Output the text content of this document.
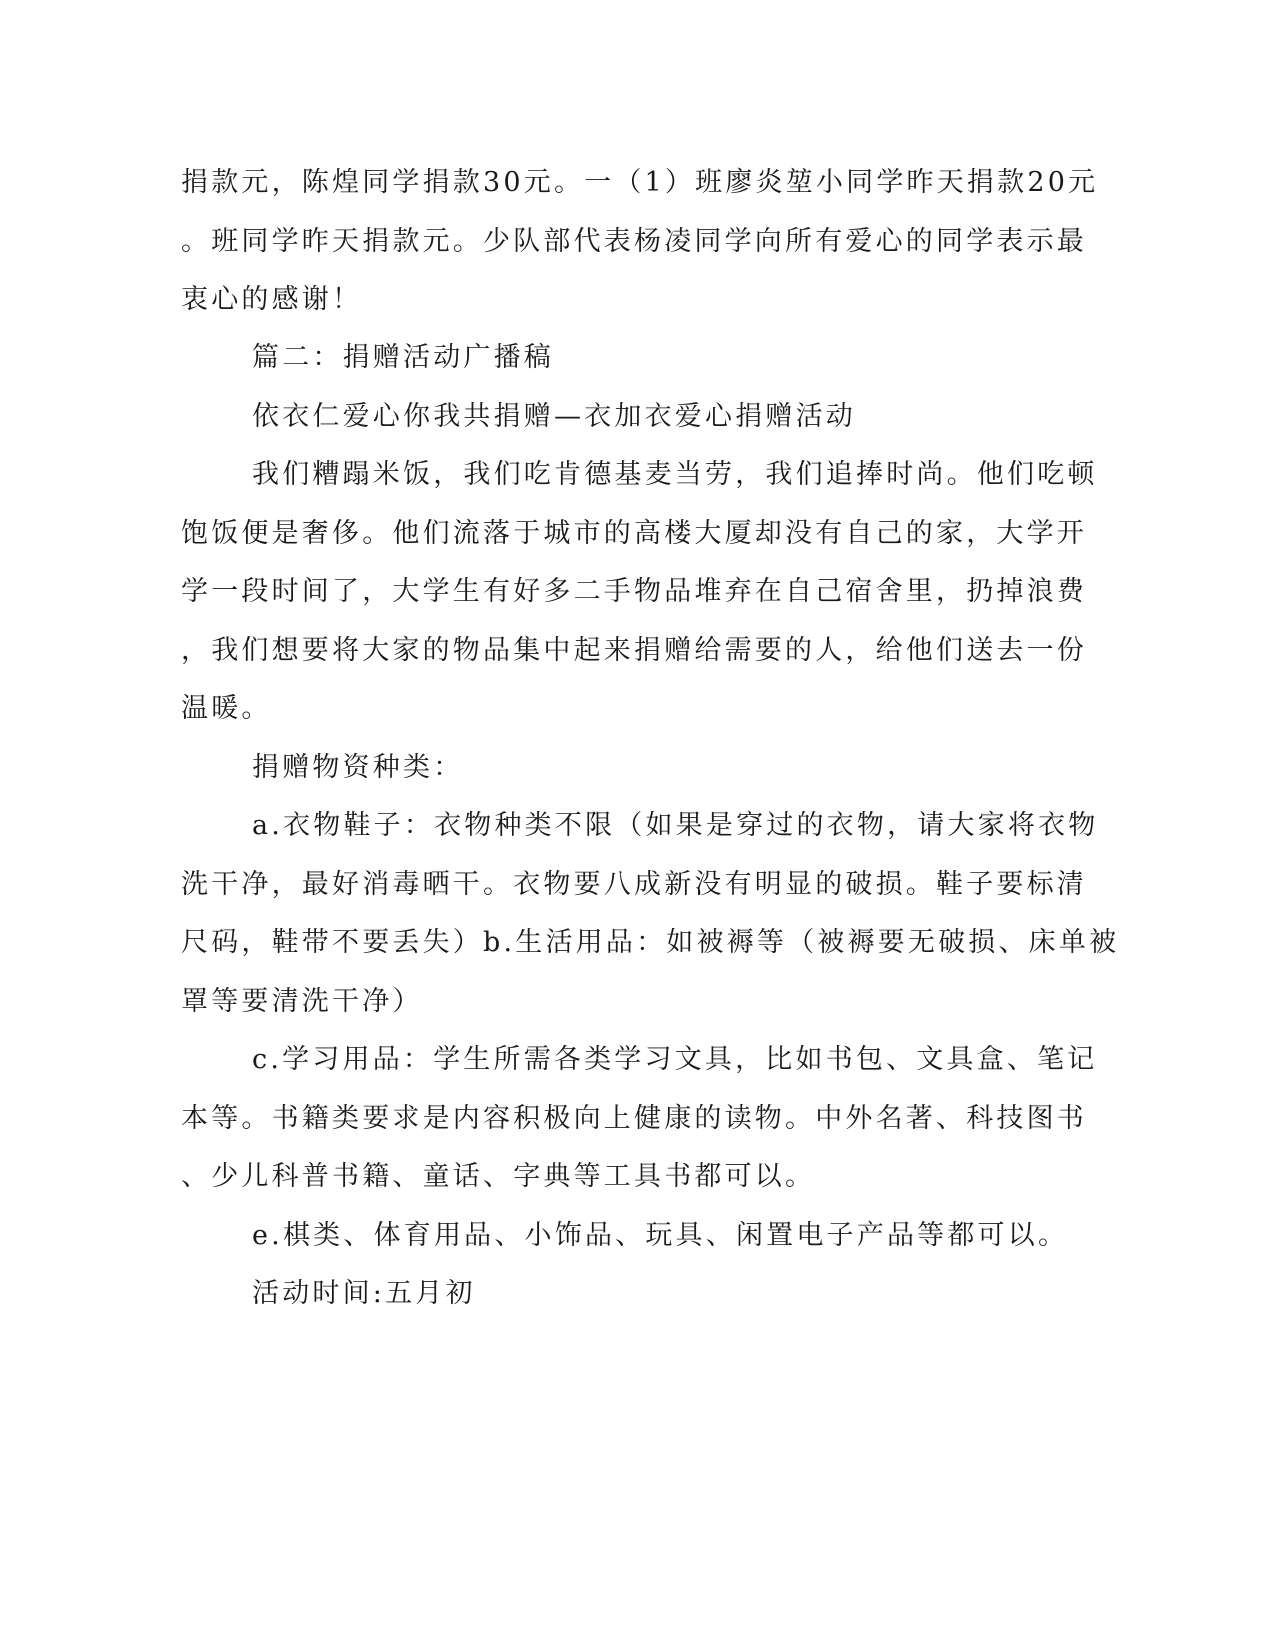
捐款元，陈煌同学捐款30元。一（1）班廖炎堃小同学昨天捐款20元
。班同学昨天捐款元。少队部代表杨凌同学向所有爱心的同学表示最
衷心的感谢！
篇二：捐赠活动广播稿
依衣仁爱心你我共捐赠—衣加衣爱心捐赠活动
我们糟蹋米饭，我们吃肯德基麦当劳，我们追捧时尚。他们吃顿
饱饭便是奢侈。他们流落于城市的高楼大厦却没有自己的家，大学开
学一段时间了，大学生有好多二手物品堆弃在自己宿舍里，扔掉浪费
，我们想要将大家的物品集中起来捐赠给需要的人，给他们送去一份
温暖。
捐赠物资种类：
a.衣物鞋子：衣物种类不限（如果是穿过的衣物，请大家将衣物
洗干净，最好消毒晒干。衣物要八成新没有明显的破损。鞋子要标清
尺码，鞋带不要丢失）b.生活用品：如被褥等（被褥要无破损、床单被
罩等要清洗干净）
c.学习用品：学生所需各类学习文具，比如书包、文具盒、笔记
本等。书籍类要求是内容积极向上健康的读物。中外名著、科技图书
、少儿科普书籍、童话、字典等工具书都可以。
e.棋类、体育用品、小饰品、玩具、闲置电子产品等都可以。
活动时间:五月初
